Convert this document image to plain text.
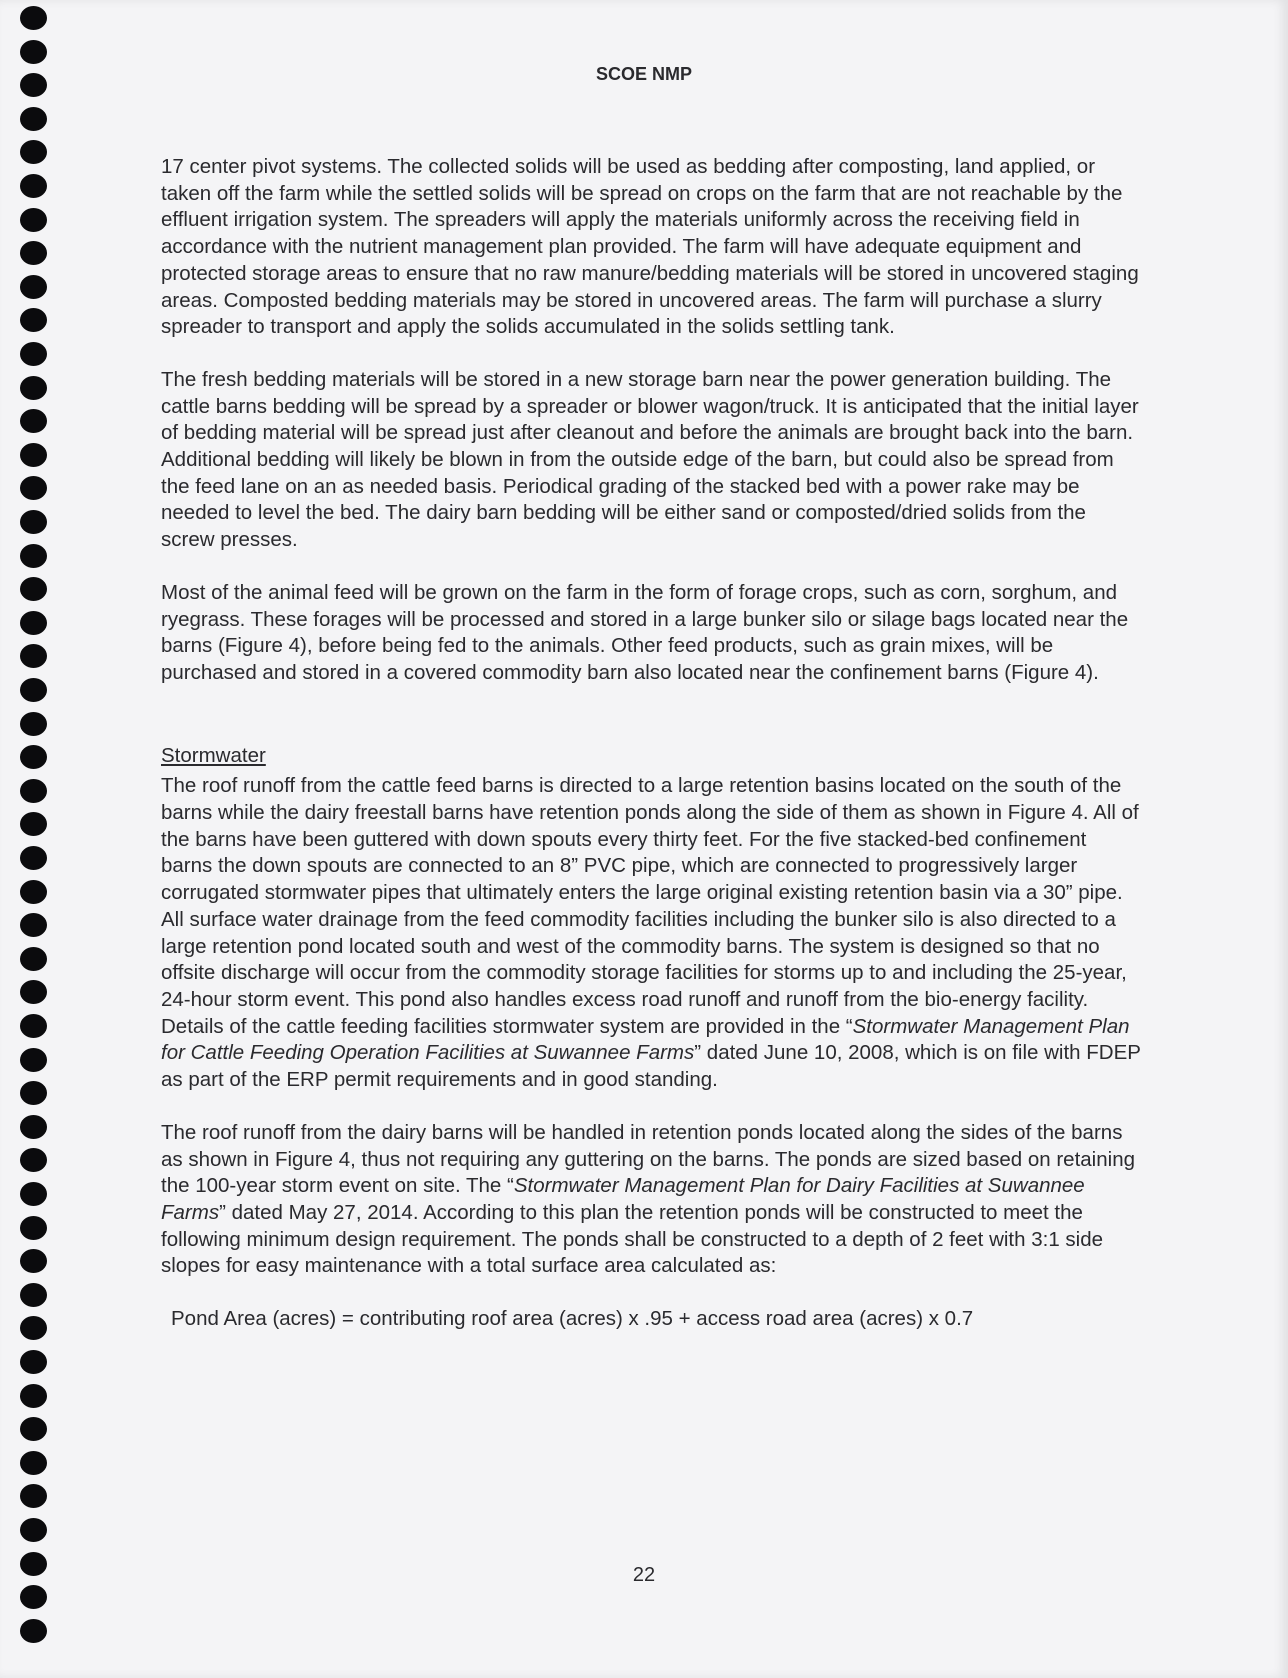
SCOE NMP

17 center pivot systems. The collected solids will be used as bedding after composting, land applied, or taken off the farm while the settled solids will be spread on crops on the farm that are not reachable by the effluent irrigation system. The spreaders will apply the materials uniformly across the receiving field in accordance with the nutrient management plan provided. The farm will have adequate equipment and protected storage areas to ensure that no raw manure/bedding materials will be stored in uncovered staging areas. Composted bedding materials may be stored in uncovered areas. The farm will purchase a slurry spreader to transport and apply the solids accumulated in the solids settling tank.

The fresh bedding materials will be stored in a new storage barn near the power generation building. The cattle barns bedding will be spread by a spreader or blower wagon/truck. It is anticipated that the initial layer of bedding material will be spread just after cleanout and before the animals are brought back into the barn. Additional bedding will likely be blown in from the outside edge of the barn, but could also be spread from the feed lane on an as needed basis. Periodical grading of the stacked bed with a power rake may be needed to level the bed. The dairy barn bedding will be either sand or composted/dried solids from the screw presses.

Most of the animal feed will be grown on the farm in the form of forage crops, such as corn, sorghum, and ryegrass. These forages will be processed and stored in a large bunker silo or silage bags located near the barns (Figure 4), before being fed to the animals. Other feed products, such as grain mixes, will be purchased and stored in a covered commodity barn also located near the confinement barns (Figure 4).

Stormwater

The roof runoff from the cattle feed barns is directed to a large retention basins located on the south of the barns while the dairy freestall barns have retention ponds along the side of them as shown in Figure 4. All of the barns have been guttered with down spouts every thirty feet. For the five stacked-bed confinement barns the down spouts are connected to an 8” PVC pipe, which are connected to progressively larger corrugated stormwater pipes that ultimately enters the large original existing retention basin via a 30” pipe. All surface water drainage from the feed commodity facilities including the bunker silo is also directed to a large retention pond located south and west of the commodity barns. The system is designed so that no offsite discharge will occur from the commodity storage facilities for storms up to and including the 25-year, 24-hour storm event. This pond also handles excess road runoff and runoff from the bio-energy facility. Details of the cattle feeding facilities stormwater system are provided in the “Stormwater Management Plan for Cattle Feeding Operation Facilities at Suwannee Farms” dated June 10, 2008, which is on file with FDEP as part of the ERP permit requirements and in good standing.

The roof runoff from the dairy barns will be handled in retention ponds located along the sides of the barns as shown in Figure 4, thus not requiring any guttering on the barns. The ponds are sized based on retaining the 100-year storm event on site. The “Stormwater Management Plan for Dairy Facilities at Suwannee Farms” dated May 27, 2014. According to this plan the retention ponds will be constructed to meet the following minimum design requirement. The ponds shall be constructed to a depth of 2 feet with 3:1 side slopes for easy maintenance with a total surface area calculated as:

Pond Area (acres) = contributing roof area (acres) x .95 + access road area (acres) x 0.7

22
